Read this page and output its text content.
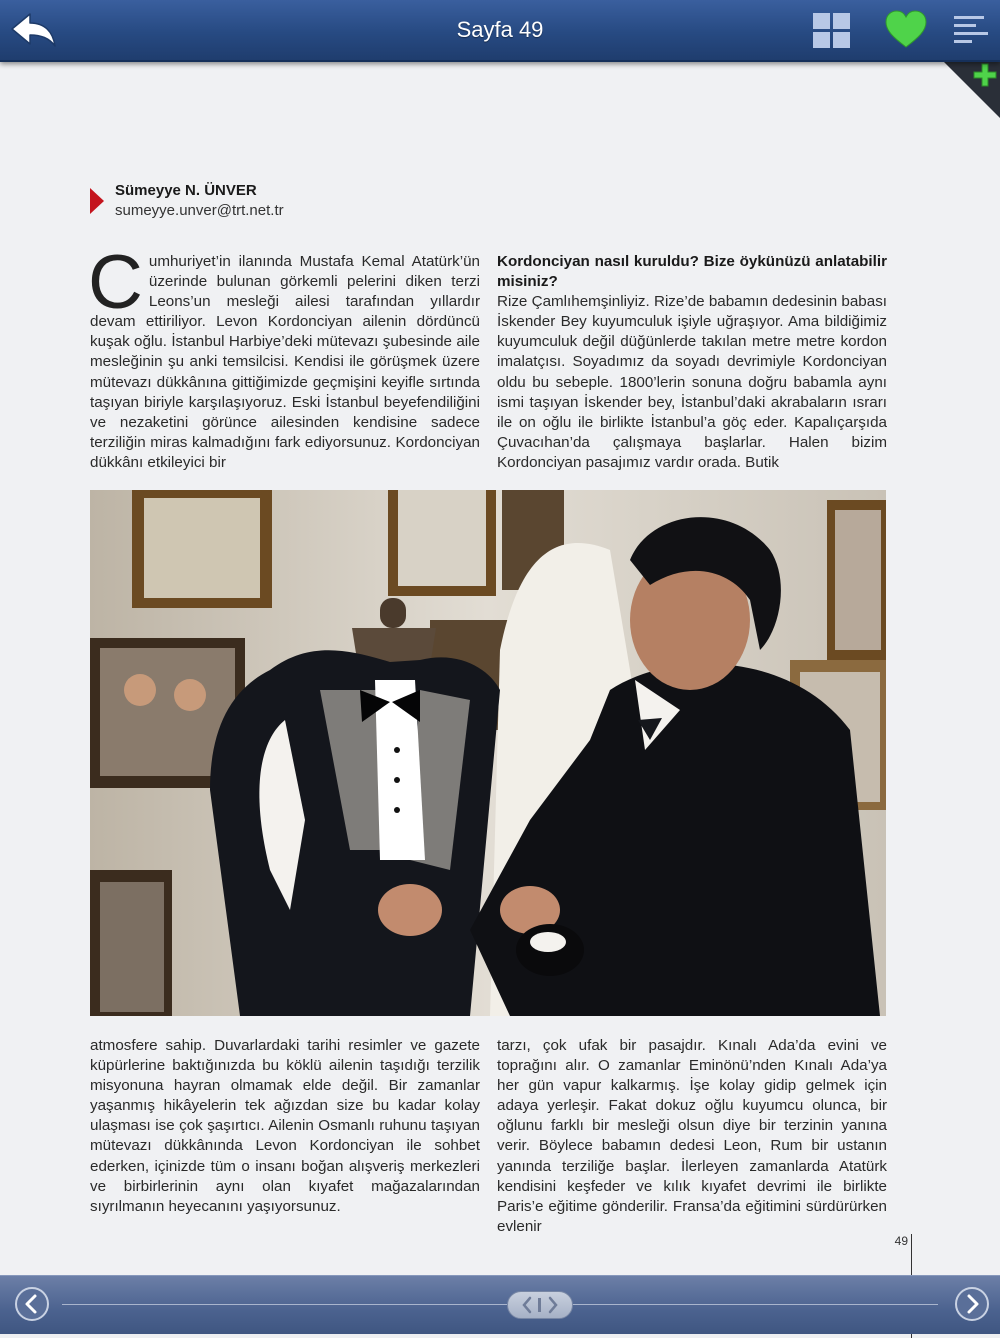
Sayfa 49
Sümeyye N. ÜNVER
sumeyye.unver@trt.net.tr

Cumhuriyet’in ilanında Mustafa Kemal Atatürk’ün üzerinde bulunan görkemli pelerini diken terzi Leons’un mesleği ailesi tarafından yıllardır devam ettiriliyor. Levon Kordonciyan ailenin dördüncü kuşak oğlu. İstanbul Harbiye’deki mütevazı şubesinde aile mesleğinin şu anki temsilcisi. Kendisi ile görüşmek üzere mütevazı dükkânına gittiğimizde geçmişini keyifle sırtında taşıyan biriyle karşılaşıyoruz. Eski İstanbul beyefendiliğini ve nezaketini görünce ailesinden kendisine sadece terziliğin miras kalmadığını fark ediyorsunuz. Kordonciyan dükkânı etkileyici bir

Kordonciyan nasıl kuruldu? Bize öykünüzü anlatabilir misiniz?
Rize Çamlıhemşinliyiz. Rize’de babamın dedesinin babası İskender Bey kuyumculuk işiyle uğraşıyor. Ama bildiğimiz kuyumculuk değil düğünlerde takılan metre metre kordon imalatçısı. Soyadımız da soyadı devrimiyle Kordonciyan oldu bu sebeple. 1800’lerin sonuna doğru babamla aynı ismi taşıyan İskender bey, İstanbul’daki akrabaların ısrarı ile on oğlu ile birlikte İstanbul’a göç eder. Kapalıçarşıda Çuvacıhan’da çalışmaya başlarlar. Halen bizim Kordonciyan pasajımız vardır orada. Butik

atmosfere sahip. Duvarlardaki tarihi resimler ve gazete küpürlerine baktığınızda bu köklü ailenin taşıdığı terzilik misyonuna hayran olmamak elde değil. Bir zamanlar yaşanmış hikâyelerin tek ağızdan size bu kadar kolay ulaşması ise çok şaşırtıcı. Ailenin Osmanlı ruhunu taşıyan mütevazı dükkânında Levon Kordonciyan ile sohbet ederken, içinizde tüm o insanı boğan alışveriş merkezleri ve birbirlerinin aynı olan kıyafet mağazalarından sıyrılmanın heyecanını yaşıyorsunuz.

tarzı, çok ufak bir pasajdır. Kınalı Ada’da evini ve toprağını alır. O zamanlar Eminönü’nden Kınalı Ada’ya her gün vapur kalkarmış. İşe kolay gidip gelmek için adaya yerleşir. Fakat dokuz oğlu kuyumcu olunca, bir oğlunu farklı bir mesleği olsun diye bir terzinin yanına verir. Böylece babamın dedesi Leon, Rum bir ustanın yanında terziliğe başlar. İlerleyen zamanlarda Atatürk kendisini keşfeder ve kılık kıyafet devrimi ile birlikte Paris’e eğitime gönderilir. Fransa’da eğitimini sürdürürken evlenir

49
